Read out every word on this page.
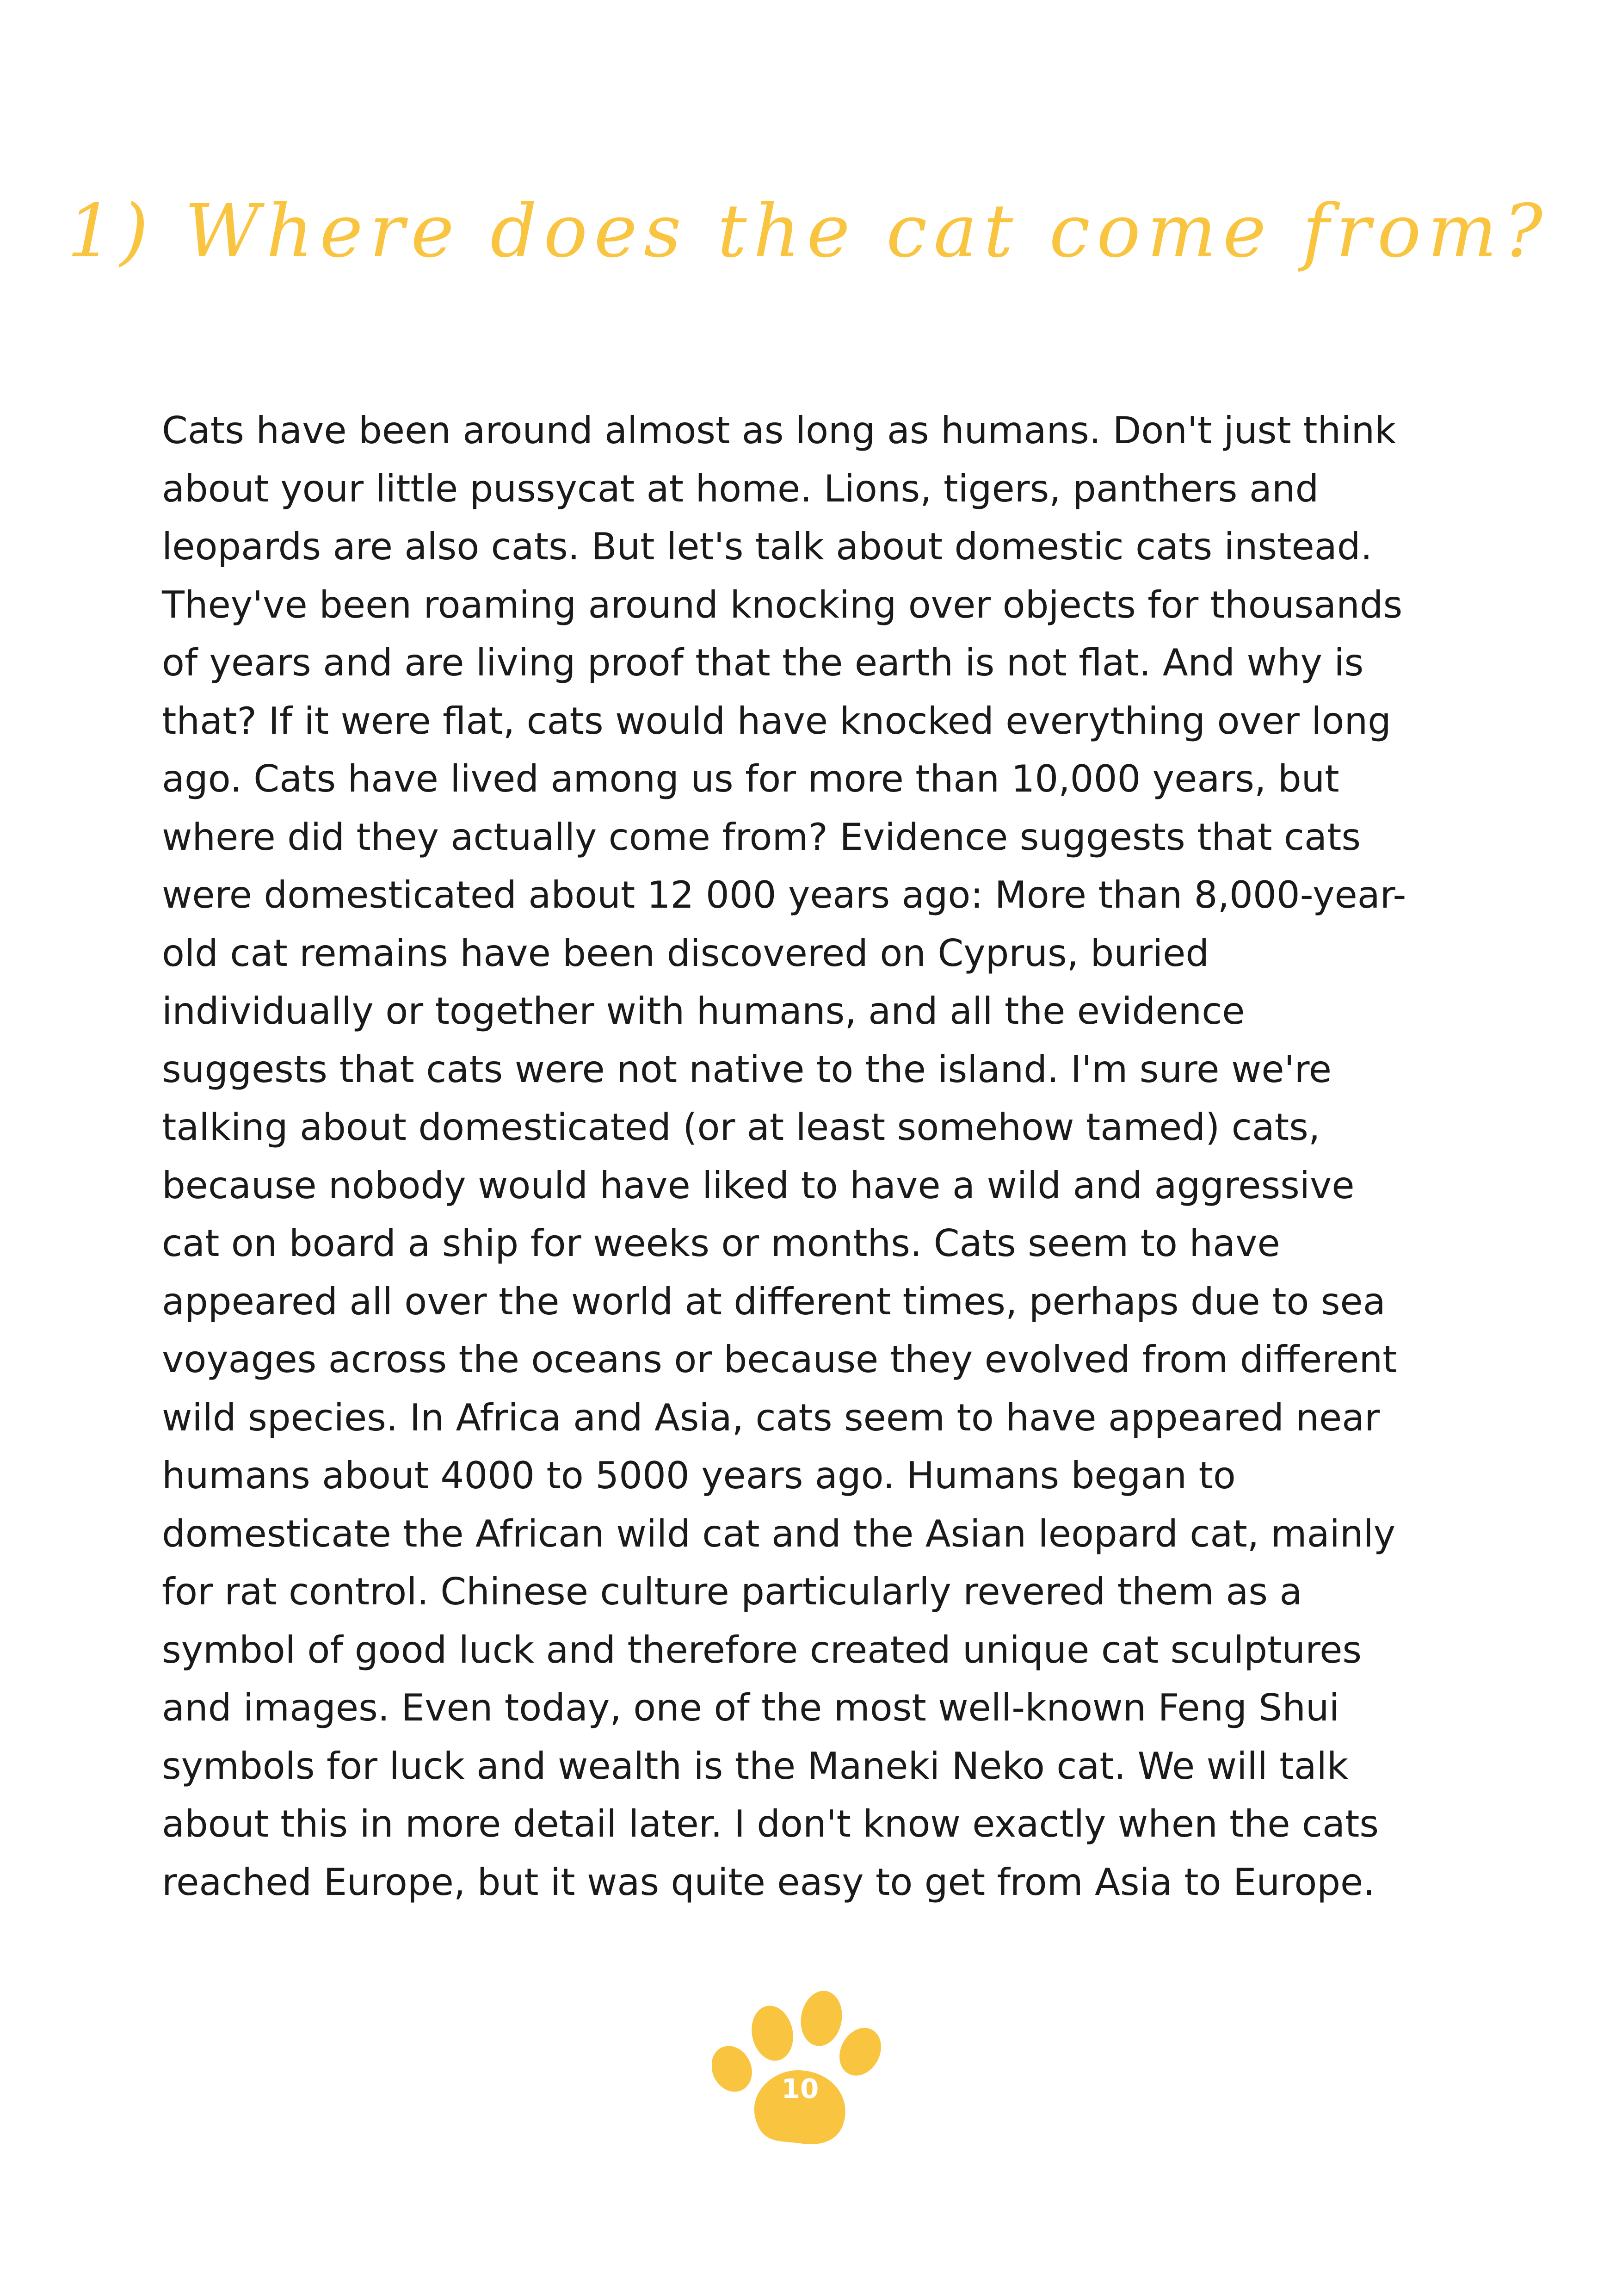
1) Where does the cat come from?
Cats have been around almost as long as humans. Don't just think
about your little pussycat at home. Lions, tigers, panthers and
leopards are also cats. But let's talk about domestic cats instead.
They've been roaming around knocking over objects for thousands
of years and are living proof that the earth is not flat. And why is
that? If it were flat, cats would have knocked everything over long
ago. Cats have lived among us for more than 10,000 years, but
where did they actually come from? Evidence suggests that cats
were domesticated about 12 000 years ago: More than 8,000-year-
old cat remains have been discovered on Cyprus, buried
individually or together with humans, and all the evidence
suggests that cats were not native to the island. I'm sure we're
talking about domesticated (or at least somehow tamed) cats,
because nobody would have liked to have a wild and aggressive
cat on board a ship for weeks or months. Cats seem to have
appeared all over the world at different times, perhaps due to sea
voyages across the oceans or because they evolved from different
wild species. In Africa and Asia, cats seem to have appeared near
humans about 4000 to 5000 years ago. Humans began to
domesticate the African wild cat and the Asian leopard cat, mainly
for rat control. Chinese culture particularly revered them as a
symbol of good luck and therefore created unique cat sculptures
and images. Even today, one of the most well-known Feng Shui
symbols for luck and wealth is the Maneki Neko cat. We will talk
about this in more detail later. I don't know exactly when the cats
reached Europe, but it was quite easy to get from Asia to Europe.
10
